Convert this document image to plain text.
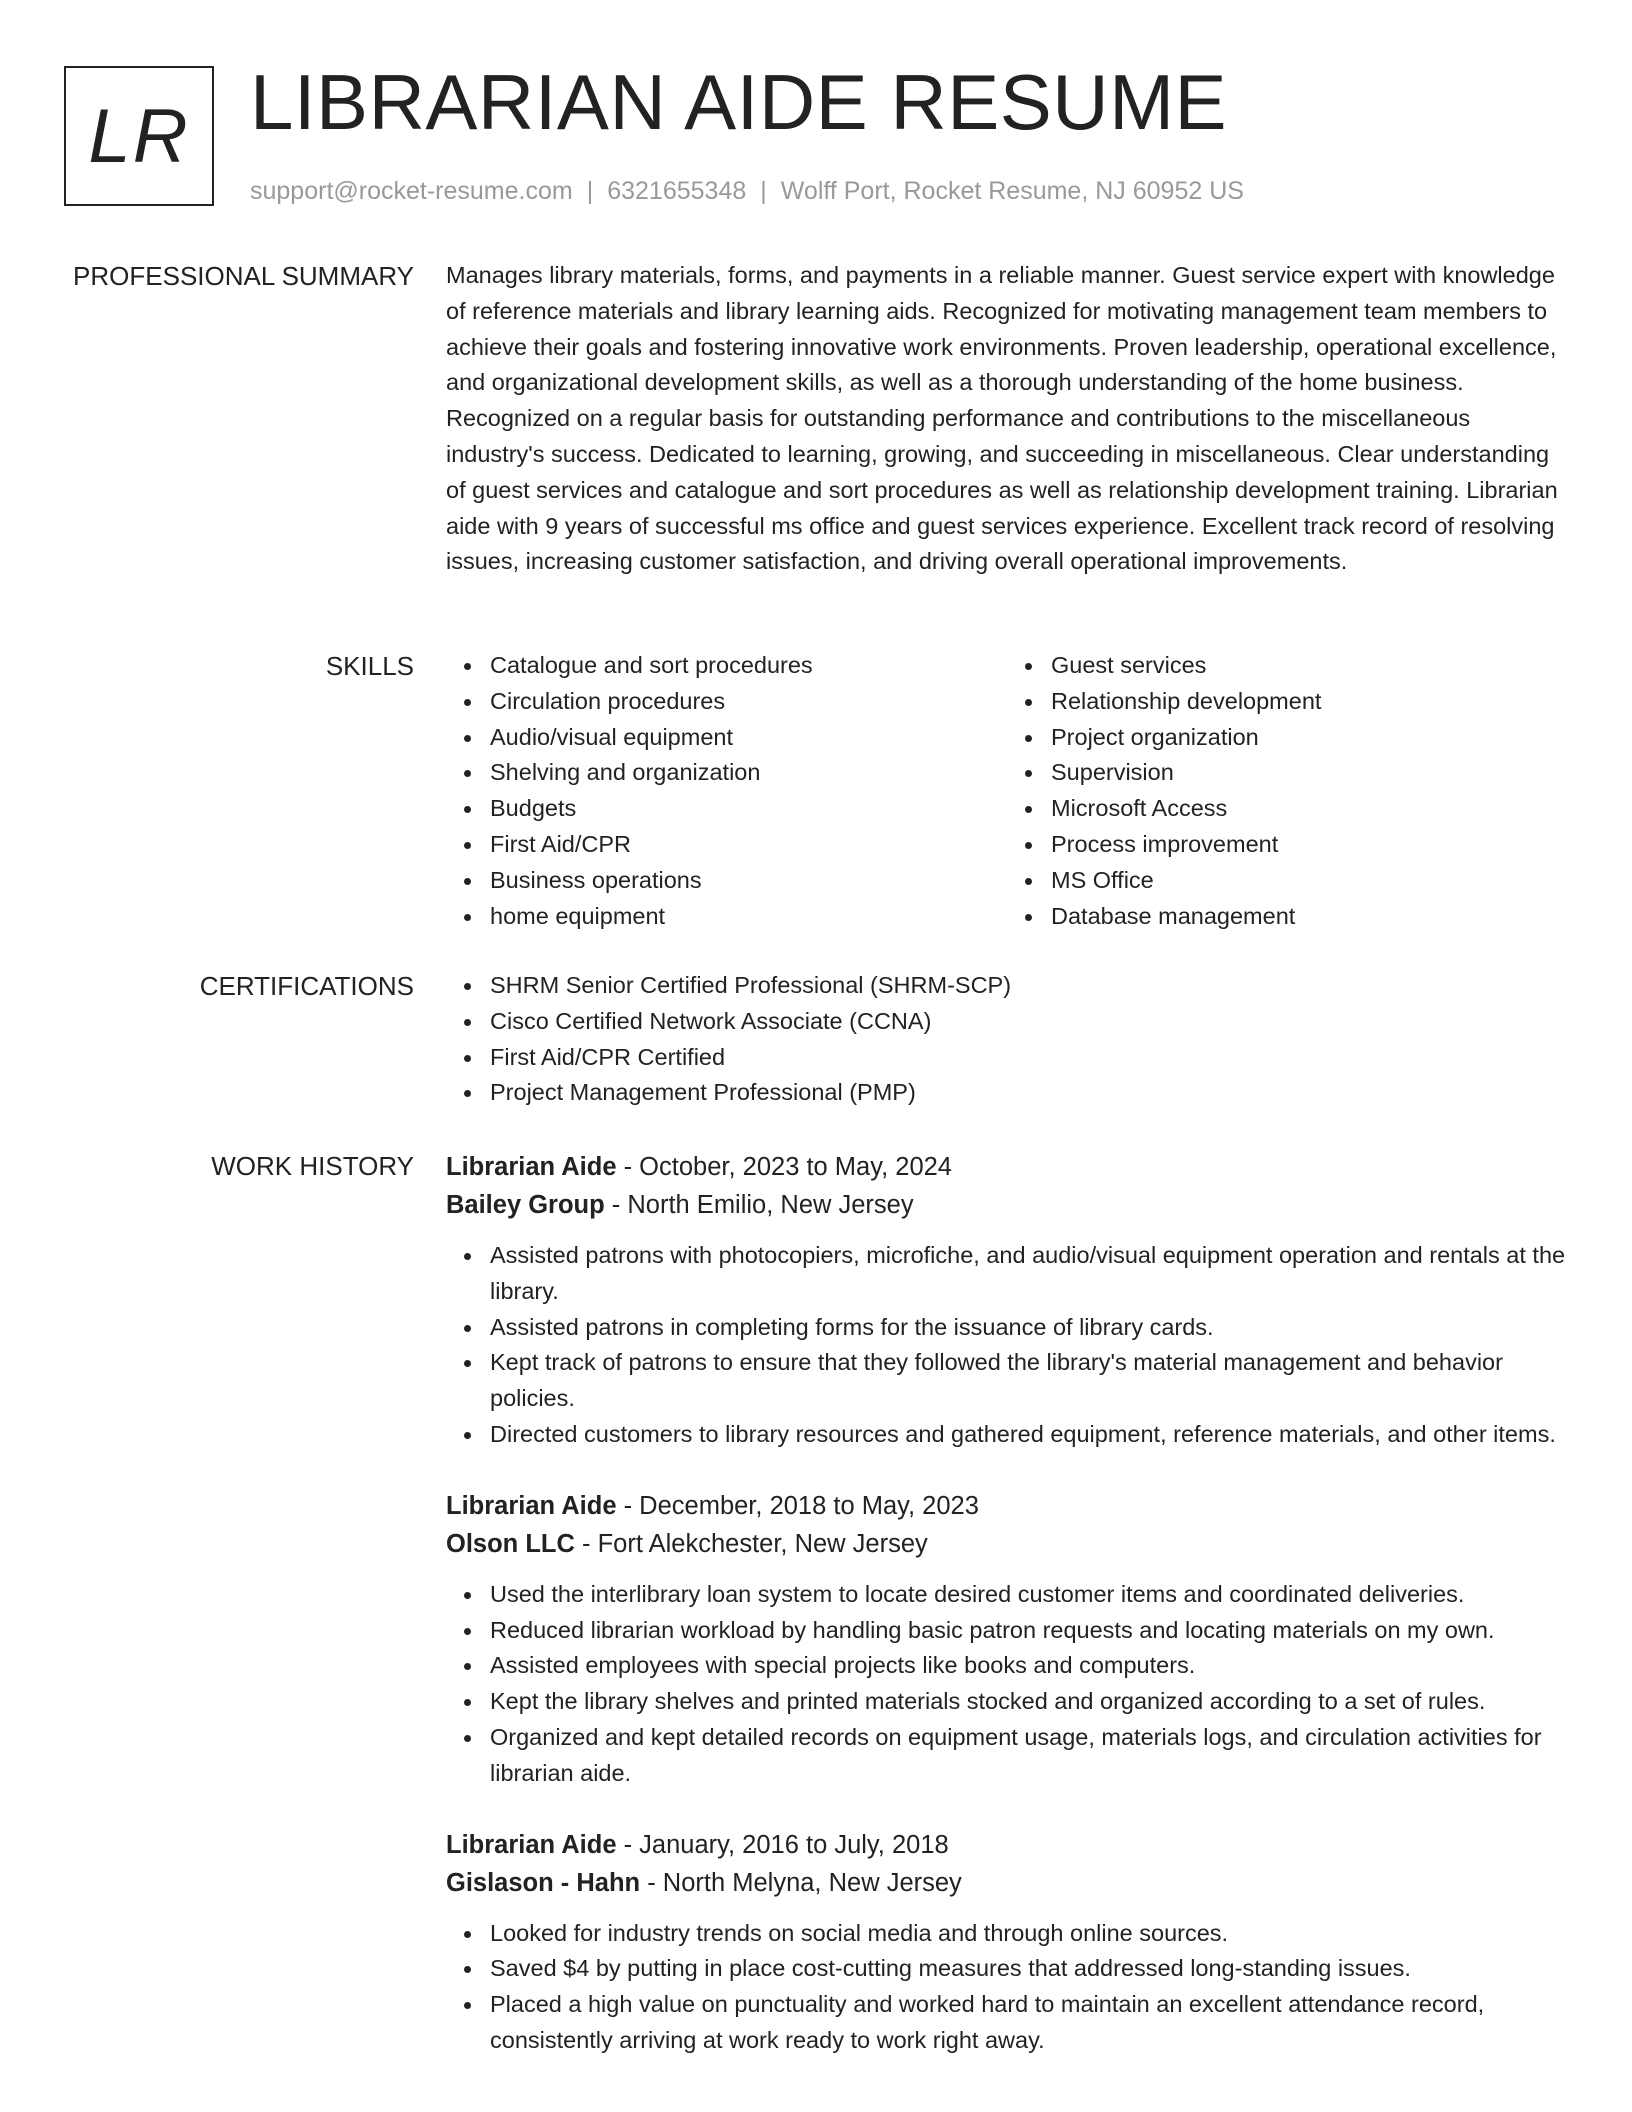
LR LIBRARIAN AIDE RESUME
support@rocket-resume.com | 6321655348 | Wolff Port, Rocket Resume, NJ 60952 US
PROFESSIONAL SUMMARY Manages library materials, forms, and payments in a reliable manner. Guest service expert with knowledge of reference materials and library learning aids. Recognized for motivating management team members to achieve their goals and fostering innovative work environments. Proven leadership, operational excellence, and organizational development skills, as well as a thorough understanding of the home business. Recognized on a regular basis for outstanding performance and contributions to the miscellaneous industry's success. Dedicated to learning, growing, and succeeding in miscellaneous. Clear understanding of guest services and catalogue and sort procedures as well as relationship development training. Librarian aide with 9 years of successful ms office and guest services experience. Excellent track record of resolving issues, increasing customer satisfaction, and driving overall operational improvements.

SKILLS	Catalogue and sort procedures
Circulation procedures
Audio/visual equipment
Shelving and organization
Budgets
First Aid/CPR
Business operations
home equipment
Guest services
Relationship development
Project organization
Supervision
Microsoft Access
Process improvement
MS Office
Database management
CERTIFICATIONS	SHRM Senior Certified Professional (SHRM-SCP)
Cisco Certified Network Associate (CCNA)
First Aid/CPR Certified
Project Management Professional (PMP)
WORK HISTORY Librarian Aide - October, 2023 to May, 2024

Bailey Group - North Emilio, New Jersey

Assisted patrons with photocopiers, microfiche, and audio/visual equipment operation and rentals at the library.
Assisted patrons in completing forms for the issuance of library cards.
Kept track of patrons to ensure that they followed the library's material management and behavior policies.
Directed customers to library resources and gathered equipment, reference materials, and other items.

Librarian Aide - December, 2018 to May, 2023

Olson LLC - Fort Alekchester, New Jersey

Used the interlibrary loan system to locate desired customer items and coordinated deliveries.
Reduced librarian workload by handling basic patron requests and locating materials on my own.
Assisted employees with special projects like books and computers.
Kept the library shelves and printed materials stocked and organized according to a set of rules.
Organized and kept detailed records on equipment usage, materials logs, and circulation activities for librarian aide.

Librarian Aide - January, 2016 to July, 2018

Gislason - Hahn - North Melyna, New Jersey

Looked for industry trends on social media and through online sources.
Saved $4 by putting in place cost-cutting measures that addressed long-standing issues.
Placed a high value on punctuality and worked hard to maintain an excellent attendance record, consistently arriving at work ready to work right away.
